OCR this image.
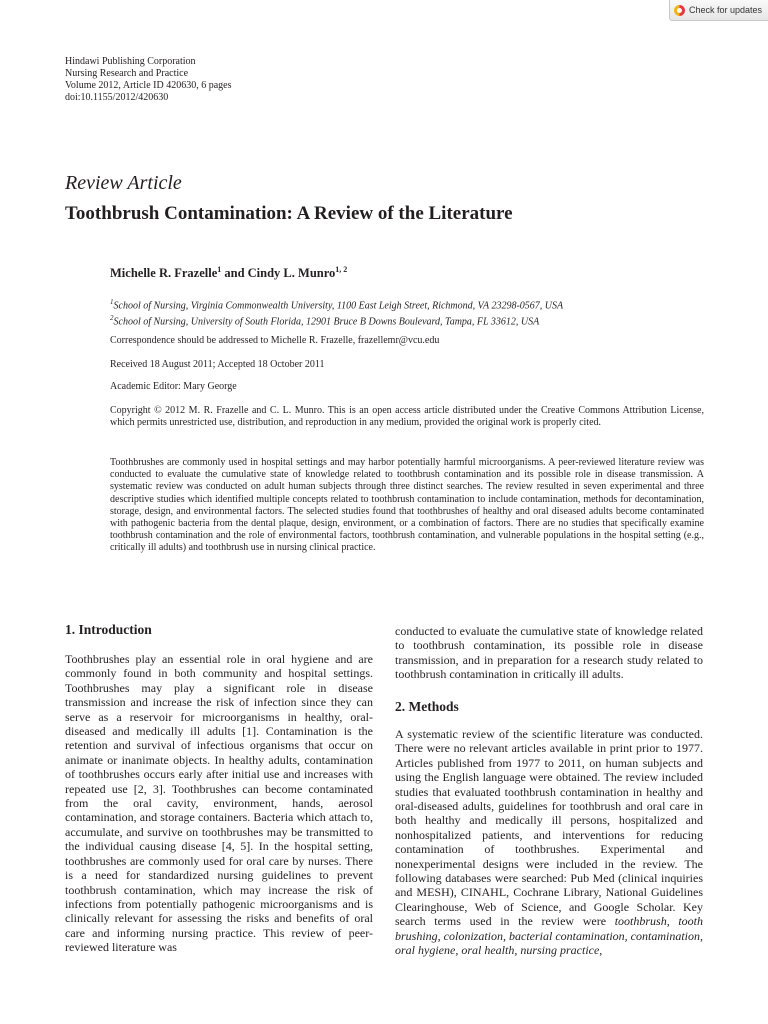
Check for updates
Hindawi Publishing Corporation
Nursing Research and Practice
Volume 2012, Article ID 420630, 6 pages
doi:10.1155/2012/420630
Review Article
Toothbrush Contamination: A Review of the Literature
Michelle R. Frazelle$^1$ and Cindy L. Munro$^{1, 2}$
$^1$School of Nursing, Virginia Commonwealth University, 1100 East Leigh Street, Richmond, VA 23298-0567, USA
$^2$School of Nursing, University of South Florida, 12901 Bruce B Downs Boulevard, Tampa, FL 33612, USA
Correspondence should be addressed to Michelle R. Frazelle, frazellemr@vcu.edu
Received 18 August 2011; Accepted 18 October 2011
Academic Editor: Mary George
Copyright © 2012 M. R. Frazelle and C. L. Munro. This is an open access article distributed under the Creative Commons Attribution License, which permits unrestricted use, distribution, and reproduction in any medium, provided the original work is properly cited.
Toothbrushes are commonly used in hospital settings and may harbor potentially harmful microorganisms. A peer-reviewed literature review was conducted to evaluate the cumulative state of knowledge related to toothbrush contamination and its possible role in disease transmission. A systematic review was conducted on adult human subjects through three distinct searches. The review resulted in seven experimental and three descriptive studies which identified multiple concepts related to toothbrush contamination to include contamination, methods for decontamination, storage, design, and environmental factors. The selected studies found that toothbrushes of healthy and oral diseased adults become contaminated with pathogenic bacteria from the dental plaque, design, environment, or a combination of factors. There are no studies that specifically examine toothbrush contamination and the role of environmental factors, toothbrush contamination, and vulnerable populations in the hospital setting (e.g., critically ill adults) and toothbrush use in nursing clinical practice.
1. Introduction
Toothbrushes play an essential role in oral hygiene and are commonly found in both community and hospital settings. Toothbrushes may play a significant role in disease transmission and increase the risk of infection since they can serve as a reservoir for microorganisms in healthy, oral-diseased and medically ill adults [1]. Contamination is the retention and survival of infectious organisms that occur on animate or inanimate objects. In healthy adults, contamination of toothbrushes occurs early after initial use and increases with repeated use [2, 3]. Toothbrushes can become contaminated from the oral cavity, environment, hands, aerosol contamination, and storage containers. Bacteria which attach to, accumulate, and survive on toothbrushes may be transmitted to the individual causing disease [4, 5]. In the hospital setting, toothbrushes are commonly used for oral care by nurses. There is a need for standardized nursing guidelines to prevent toothbrush contamination, which may increase the risk of infections from potentially pathogenic microorganisms and is clinically relevant for assessing the risks and benefits of oral care and informing nursing practice. This review of peer-reviewed literature was
conducted to evaluate the cumulative state of knowledge related to toothbrush contamination, its possible role in disease transmission, and in preparation for a research study related to toothbrush contamination in critically ill adults.
2. Methods
A systematic review of the scientific literature was conducted. There were no relevant articles available in print prior to 1977. Articles published from 1977 to 2011, on human subjects and using the English language were obtained. The review included studies that evaluated toothbrush contamination in healthy and oral-diseased adults, guidelines for toothbrush and oral care in both healthy and medically ill persons, hospitalized and nonhospitalized patients, and interventions for reducing contamination of toothbrushes. Experimental and nonexperimental designs were included in the review. The following databases were searched: Pub Med (clinical inquiries and MESH), CINAHL, Cochrane Library, National Guidelines Clearinghouse, Web of Science, and Google Scholar. Key search terms used in the review were toothbrush, tooth brushing, colonization, bacterial contamination, contamination, oral hygiene, oral health, nursing practice,
